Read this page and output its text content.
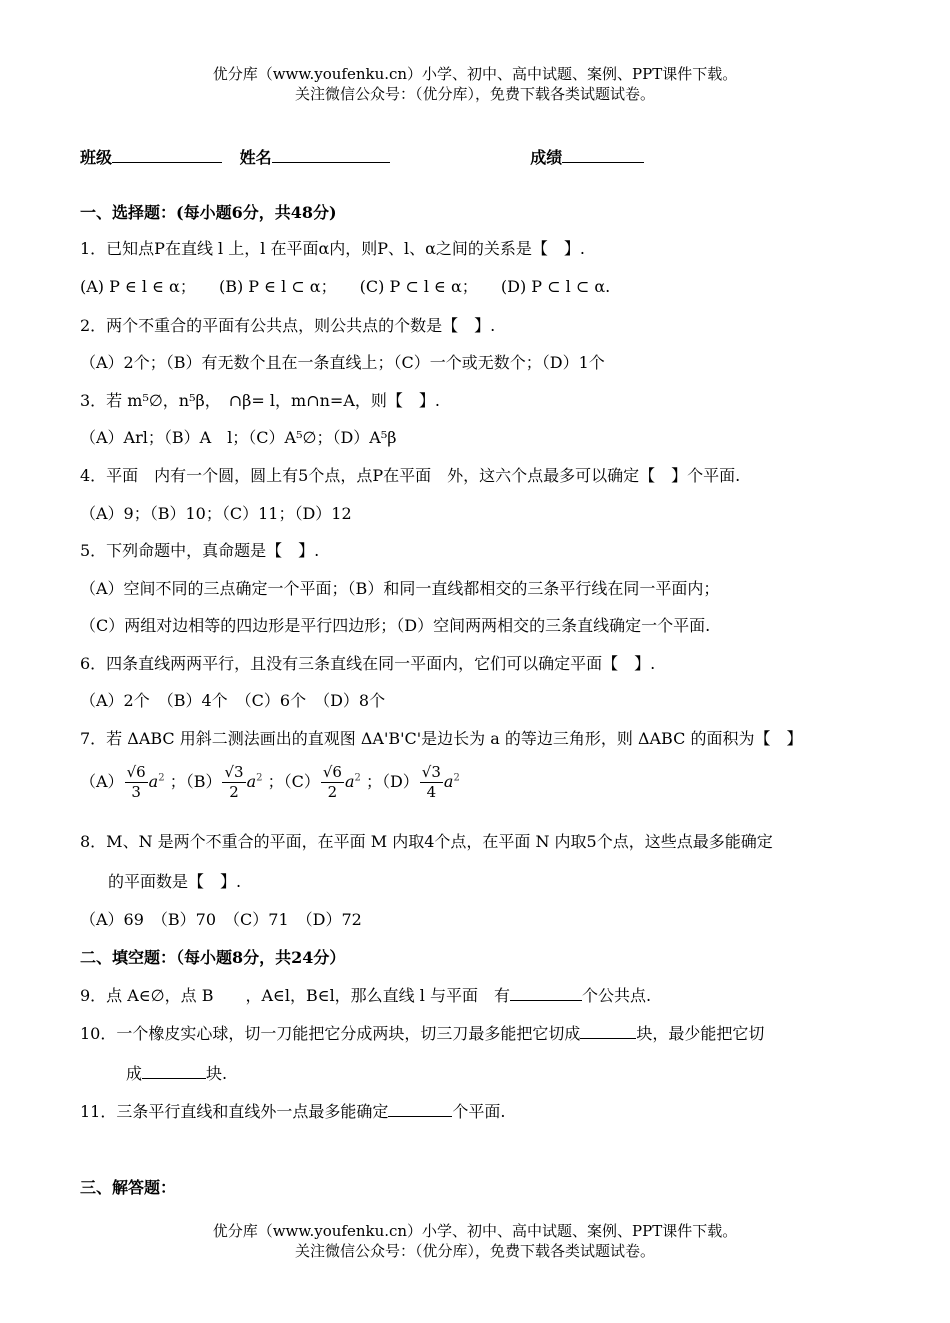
优分库（www.youfenku.cn）小学、初中、高中试题、案例、PPT课件下载。
关注微信公众号：（优分库），免费下载各类试题试卷。
班级	姓名	成绩
一、选择题：(每小题6分，共48分)
1．已知点P在直线 l 上，l 在平面α内，则P、l、α之间的关系是【　】.
(A) P ∈ l ∈ α； (B) P ∈ l ⊂ α； (C) P ⊂ l ∈ α； (D) P ⊂ l ⊂ α.
2．两个不重合的平面有公共点，则公共点的个数是【　】.
（A）2个；（B）有无数个且在一条直线上；（C）一个或无数个；（D）1个
3．若 m⁵∅，n⁵β，　∩β= l，m∩n=A，则【　】.
（A）Arl；（B）A　l；（C）A⁵∅；（D）A⁵β
4．平面　内有一个圆，圆上有5个点，点P在平面　外，这六个点最多可以确定【　】个平面.
（A）9；（B）10；（C）11；（D）12
5．下列命题中，真命题是【　】.
（A）空间不同的三点确定一个平面；（B）和同一直线都相交的三条平行线在同一平面内；
（C）两组对边相等的四边形是平行四边形；（D）空间两两相交的三条直线确定一个平面.
6．四条直线两两平行，且没有三条直线在同一平面内，它们可以确定平面【　】.
（A）2个　（B）4个　（C）6个　（D）8个
7．若 ΔABC 用斜二测法画出的直观图 ΔA'B'C'是边长为 a 的等边三角形，则 ΔABC 的面积为【　】
$(A) \frac{√6}{3} a^2$ ；$(B) \frac{√3}{2} a^2$ ；$(C) \frac{√6}{2} a^2$ ；$(D) \frac{√3}{4} a^2$
8．M、N 是两个不重合的平面，在平面 M 内取4个点，在平面 N 内取5个点，这些点最多能确定
的平面数是【　】.
（A）69　（B）70　（C）71　（D）72
二、填空题：（每小题8分，共24分）
9．点 A∈∅，点 B　　，A∈l，B∈l，那么直线 l 与平面　有	个公共点.
10．一个橡皮实心球，切一刀能把它分成两块，切三刀最多能把它切成	块，最少能把它切
成	块.
11．三条平行直线和直线外一点最多能确定	个平面.
三、解答题：
优分库（www.youfenku.cn）小学、初中、高中试题、案例、PPT课件下载。
关注微信公众号：（优分库），免费下载各类试题试卷。
